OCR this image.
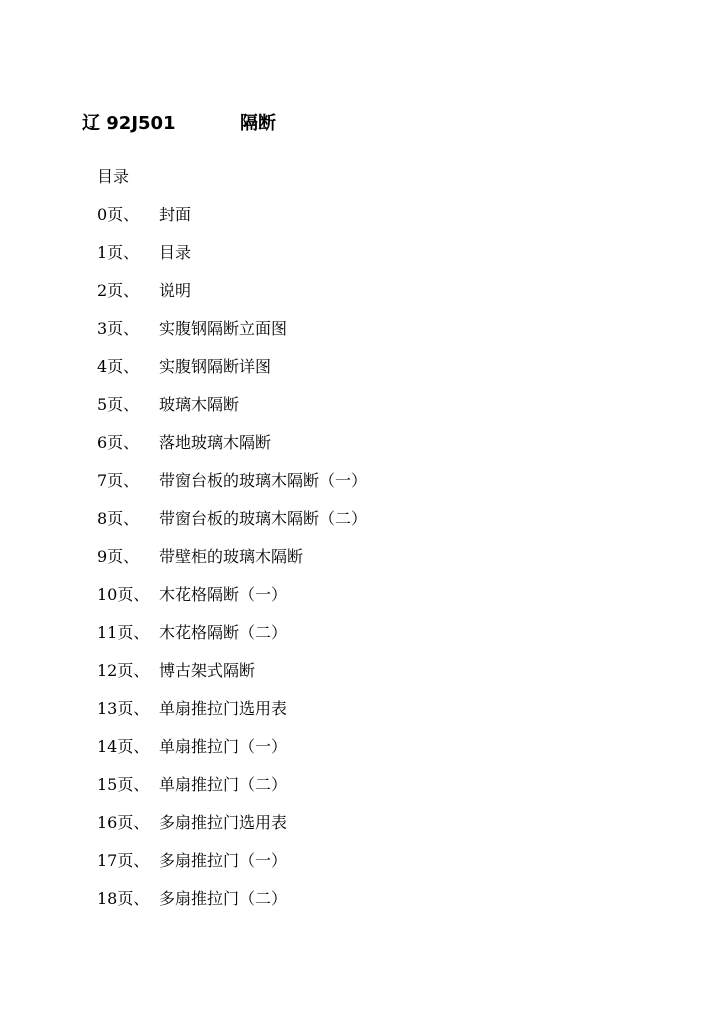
辽 92J501	隔断
目录
0页、 封面
1页、 目录
2页、 说明
3页、 实腹钢隔断立面图
4页、 实腹钢隔断详图
5页、 玻璃木隔断
6页、 落地玻璃木隔断
7页、 带窗台板的玻璃木隔断（一）
8页、 带窗台板的玻璃木隔断（二）
9页、 带壁柜的玻璃木隔断
10页、 木花格隔断（一）
11页、 木花格隔断（二）
12页、 博古架式隔断
13页、 单扇推拉门选用表
14页、 单扇推拉门（一）
15页、 单扇推拉门（二）
16页、 多扇推拉门选用表
17页、 多扇推拉门（一）
18页、 多扇推拉门（二）
